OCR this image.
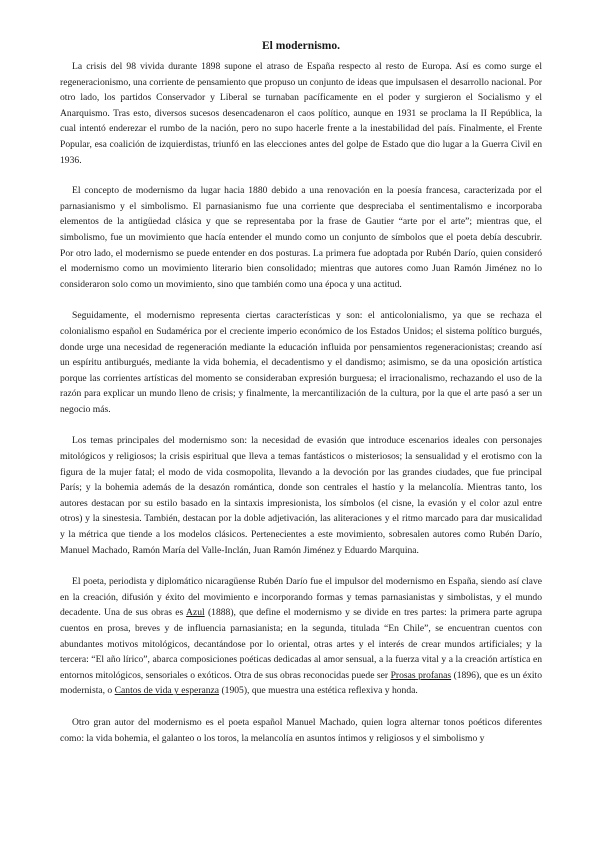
El modernismo.

La crisis del 98 vivida durante 1898 supone el atraso de España respecto al resto de Europa. Así es como surge el regeneracionismo, una corriente de pensamiento que propuso un conjunto de ideas que impulsasen el desarrollo nacional. Por otro lado, los partidos Conservador y Liberal se turnaban pacíficamente en el poder y surgieron el Socialismo y el Anarquismo. Tras esto, diversos sucesos desencadenaron el caos político, aunque en 1931 se proclama la II República, la cual intentó enderezar el rumbo de la nación, pero no supo hacerle frente a la inestabilidad del país. Finalmente, el Frente Popular, esa coalición de izquierdistas, triunfó en las elecciones antes del golpe de Estado que dio lugar a la Guerra Civil en 1936.

El concepto de modernismo da lugar hacia 1880 debido a una renovación en la poesía francesa, caracterizada por el parnasianismo y el simbolismo. El parnasianismo fue una corriente que despreciaba el sentimentalismo e incorporaba elementos de la antigüedad clásica y que se representaba por la frase de Gautier “arte por el arte”; mientras que, el simbolismo, fue un movimiento que hacía entender el mundo como un conjunto de símbolos que el poeta debía descubrir. Por otro lado, el modernismo se puede entender en dos posturas. La primera fue adoptada por Rubén Darío, quien consideró el modernismo como un movimiento literario bien consolidado; mientras que autores como Juan Ramón Jiménez no lo consideraron solo como un movimiento, sino que también como una época y una actitud.

Seguidamente, el modernismo representa ciertas características y son: el anticolonialismo, ya que se rechaza el colonialismo español en Sudamérica por el creciente imperio económico de los Estados Unidos; el sistema político burgués, donde urge una necesidad de regeneración mediante la educación influida por pensamientos regeneracionistas; creando así un espíritu antiburgués, mediante la vida bohemia, el decadentismo y el dandismo; asimismo, se da una oposición artística porque las corrientes artísticas del momento se consideraban expresión burguesa; el irracionalismo, rechazando el uso de la razón para explicar un mundo lleno de crisis; y finalmente, la mercantilización de la cultura, por la que el arte pasó a ser un negocio más.

Los temas principales del modernismo son: la necesidad de evasión que introduce escenarios ideales con personajes mitológicos y religiosos; la crisis espiritual que lleva a temas fantásticos o misteriosos; la sensualidad y el erotismo con la figura de la mujer fatal; el modo de vida cosmopolita, llevando a la devoción por las grandes ciudades, que fue principal París; y la bohemia además de la desazón romántica, donde son centrales el hastío y la melancolía. Mientras tanto, los autores destacan por su estilo basado en la sintaxis impresionista, los símbolos (el cisne, la evasión y el color azul entre otros) y la sinestesia. También, destacan por la doble adjetivación, las aliteraciones y el ritmo marcado para dar musicalidad y la métrica que tiende a los modelos clásicos. Pertenecientes a este movimiento, sobresalen autores como Rubén Darío, Manuel Machado, Ramón María del Valle-Inclán, Juan Ramón Jiménez y Eduardo Marquina.

El poeta, periodista y diplomático nicaragüense Rubén Darío fue el impulsor del modernismo en España, siendo así clave en la creación, difusión y éxito del movimiento e incorporando formas y temas parnasianistas y simbolistas, y el mundo decadente. Una de sus obras es Azul (1888), que define el modernismo y se divide en tres partes: la primera parte agrupa cuentos en prosa, breves y de influencia parnasianista; en la segunda, titulada “En Chile”, se encuentran cuentos con abundantes motivos mitológicos, decantándose por lo oriental, otras artes y el interés de crear mundos artificiales; y la tercera: “El año lírico”, abarca composiciones poéticas dedicadas al amor sensual, a la fuerza vital y a la creación artística en entornos mitológicos, sensoriales o exóticos. Otra de sus obras reconocidas puede ser Prosas profanas (1896), que es un éxito modernista, o Cantos de vida y esperanza (1905), que muestra una estética reflexiva y honda.

Otro gran autor del modernismo es el poeta español Manuel Machado, quien logra alternar tonos poéticos diferentes como: la vida bohemia, el galanteo o los toros, la melancolía en asuntos íntimos y religiosos y el simbolismo y
